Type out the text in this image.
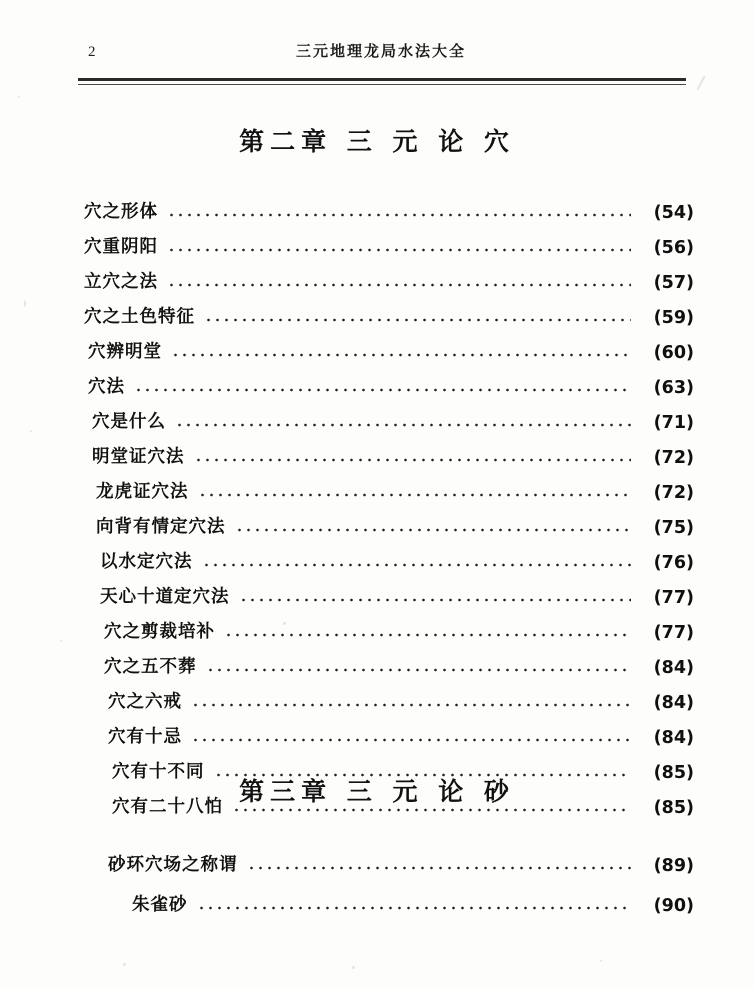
2	三元地理龙局水法大全
第二章 三 元 论 穴
穴之形体	(54)
穴重阴阳	(56)
立穴之法	(57)
穴之土色特征	(59)
穴辨明堂	(60)
穴法	(63)
穴是什么	(71)
明堂证穴法	(72)
龙虎证穴法	(72)
向背有情定穴法	(75)
以水定穴法	(76)
天心十道定穴法	(77)
穴之剪裁培补	(77)
穴之五不葬	(84)
穴之六戒	(84)
穴有十忌	(84)
穴有十不同	(85)
穴有二十八怕	(85)
第三章 三 元 论 砂
砂环穴场之称谓	(89)
朱雀砂	(90)
